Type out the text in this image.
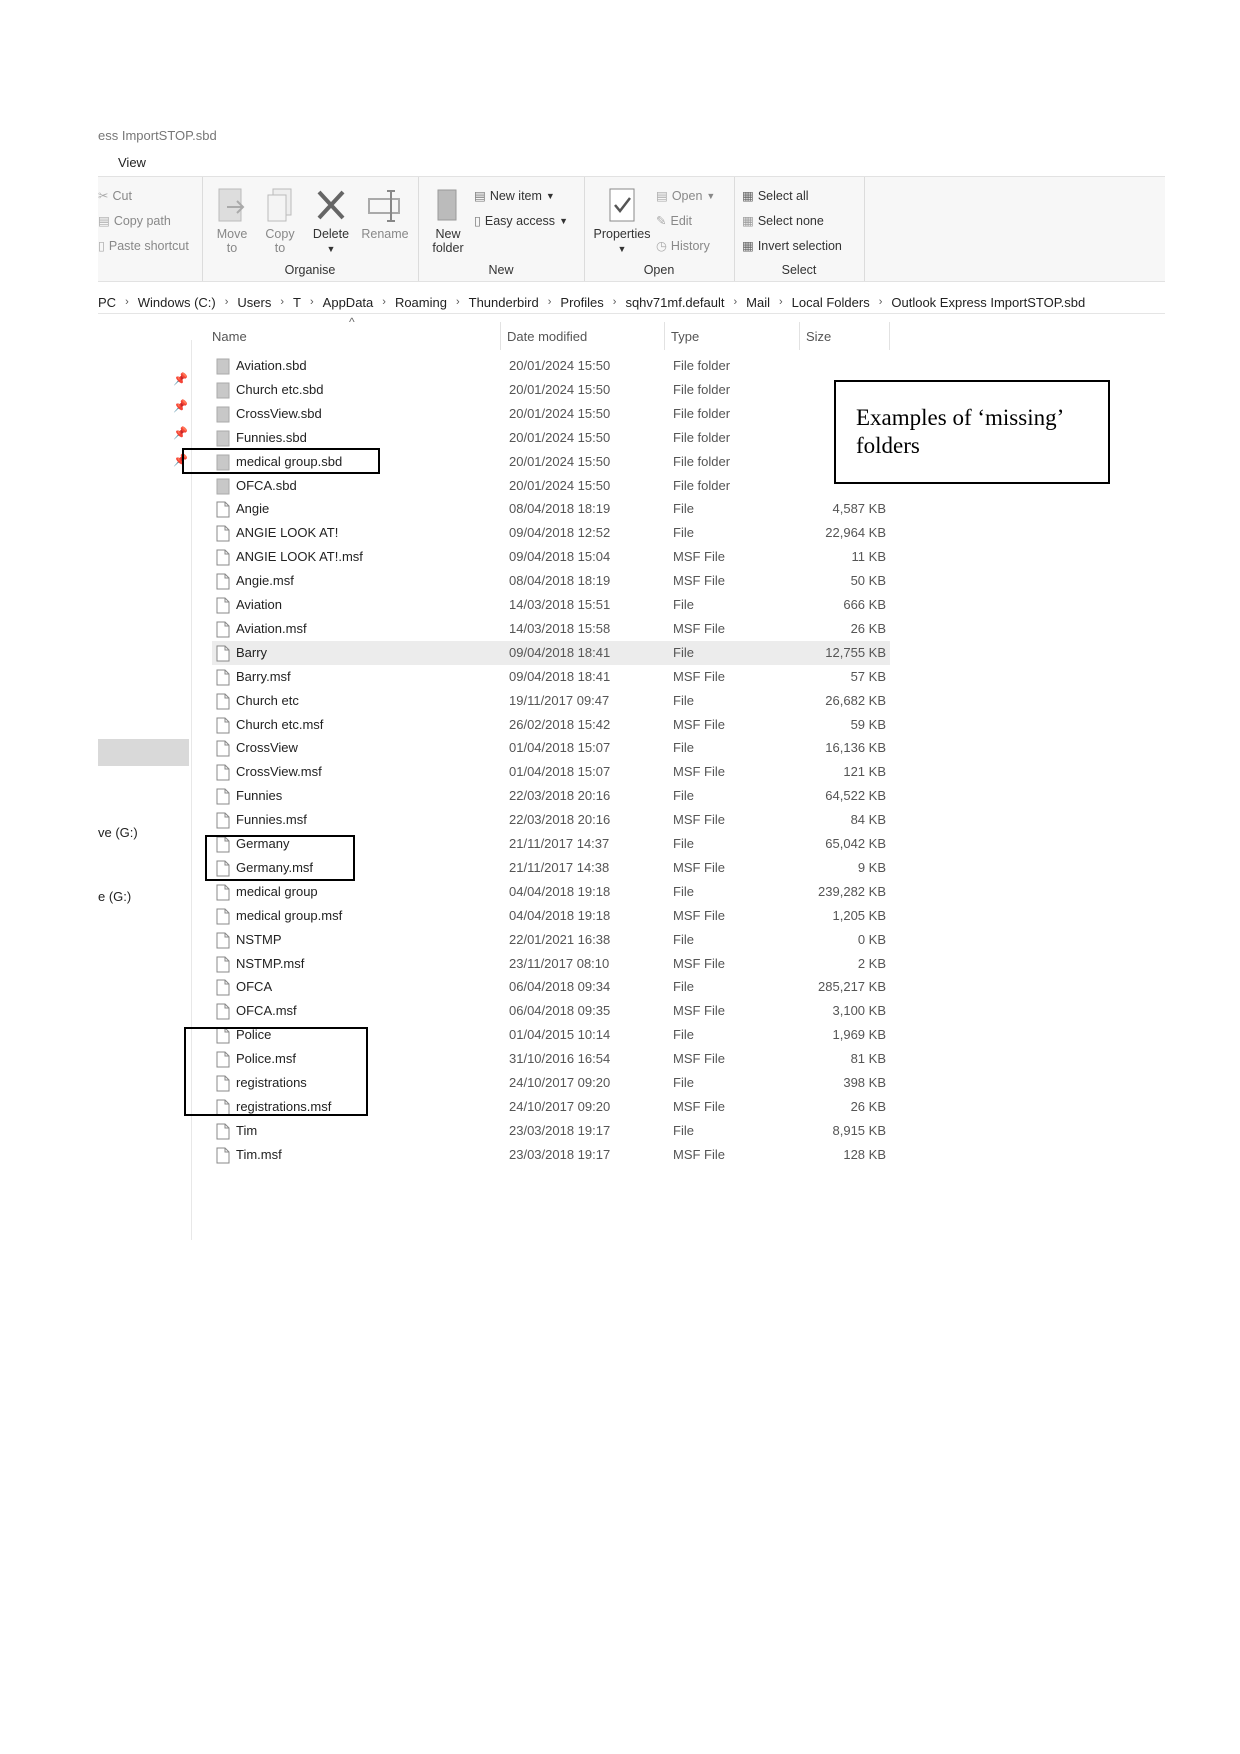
ess ImportSTOP.sbd
View
✂ Cut
▤ Copy path
▯ Paste shortcut
Move to
Copy to
Delete
▼
Rename
Organise
New folder
▤ New item ▼
▯ Easy access ▼
New
Properties
▼
▤ Open ▼
✎ Edit
◷ History
Open
▦ Select all
▦ Select none
▦ Invert selection
Select
PC › Windows (C:) › Users › T › AppData › Roaming › Thunderbird › Profiles › sqhv71mf.default › Mail › Local Folders › Outlook Express ImportSTOP.sbd
📌
📌
📌
📌
ve (G:)
e (G:)
^
Name	Date modified	Type	Size
Aviation.sbd	20/01/2024 15:50	File folder
Church etc.sbd	20/01/2024 15:50	File folder
CrossView.sbd	20/01/2024 15:50	File folder
Funnies.sbd	20/01/2024 15:50	File folder
medical group.sbd	20/01/2024 15:50	File folder
OFCA.sbd	20/01/2024 15:50	File folder
Angie	08/04/2018 18:19	File	4,587 KB
ANGIE LOOK AT!	09/04/2018 12:52	File	22,964 KB
ANGIE LOOK AT!.msf	09/04/2018 15:04	MSF File	11 KB
Angie.msf	08/04/2018 18:19	MSF File	50 KB
Aviation	14/03/2018 15:51	File	666 KB
Aviation.msf	14/03/2018 15:58	MSF File	26 KB
Barry	09/04/2018 18:41	File	12,755 KB
Barry.msf	09/04/2018 18:41	MSF File	57 KB
Church etc	19/11/2017 09:47	File	26,682 KB
Church etc.msf	26/02/2018 15:42	MSF File	59 KB
CrossView	01/04/2018 15:07	File	16,136 KB
CrossView.msf	01/04/2018 15:07	MSF File	121 KB
Funnies	22/03/2018 20:16	File	64,522 KB
Funnies.msf	22/03/2018 20:16	MSF File	84 KB
Germany	21/11/2017 14:37	File	65,042 KB
Germany.msf	21/11/2017 14:38	MSF File	9 KB
medical group	04/04/2018 19:18	File	239,282 KB
medical group.msf	04/04/2018 19:18	MSF File	1,205 KB
NSTMP	22/01/2021 16:38	File	0 KB
NSTMP.msf	23/11/2017 08:10	MSF File	2 KB
OFCA	06/04/2018 09:34	File	285,217 KB
OFCA.msf	06/04/2018 09:35	MSF File	3,100 KB
Police	01/04/2015 10:14	File	1,969 KB
Police.msf	31/10/2016 16:54	MSF File	81 KB
registrations	24/10/2017 09:20	File	398 KB
registrations.msf	24/10/2017 09:20	MSF File	26 KB
Tim	23/03/2018 19:17	File	8,915 KB
Tim.msf	23/03/2018 19:17	MSF File	128 KB
Examples of ‘missing’ folders
